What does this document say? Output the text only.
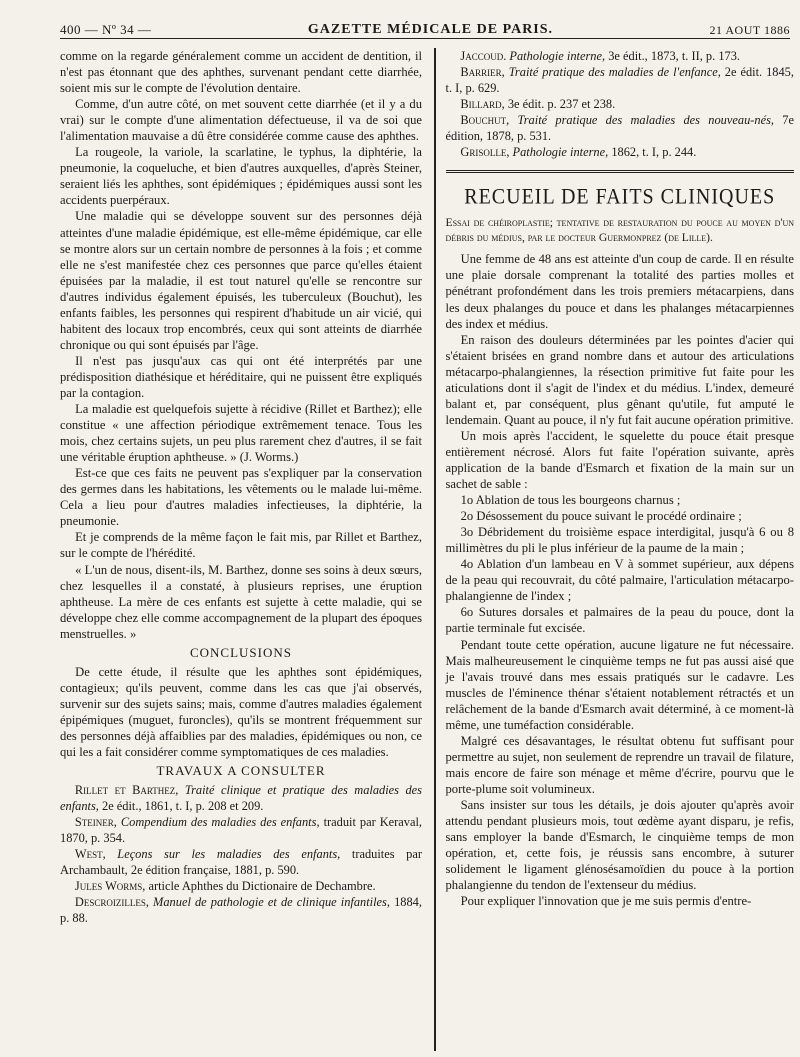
400 — Nº 34 —	GAZETTE MÉDICALE DE PARIS.	21 AOUT 1886

comme on la regarde généralement comme un accident de dentition, il n'est pas étonnant que des aphthes, survenant pendant cette diarrhée, soient mis sur le compte de l'évolution dentaire.

Comme, d'un autre côté, on met souvent cette diarrhée (et il y a du vrai) sur le compte d'une alimentation défectueuse, il va de soi que l'alimentation mauvaise a dû être considérée comme cause des aphthes.

La rougeole, la variole, la scarlatine, le typhus, la diphtérie, la pneumonie, la coqueluche, et bien d'autres auxquelles, d'après Steiner, seraient liés les aphthes, sont épidémiques ; épidémiques aussi sont les accidents puerpéraux.

Une maladie qui se développe souvent sur des personnes déjà atteintes d'une maladie épidémique, est elle-même épidémique, car elle se montre alors sur un certain nombre de personnes à la fois ; et comme elle ne s'est manifestée chez ces personnes que parce qu'elles étaient épuisées par la maladie, il est tout naturel qu'elle se rencontre sur d'autres individus également épuisés, les tuberculeux (Bouchut), les enfants faibles, les personnes qui respirent d'habitude un air vicié, qui habitent des locaux trop encombrés, ceux qui sont atteints de diarrhée chronique ou qui sont épuisés par l'âge.

Il n'est pas jusqu'aux cas qui ont été interprétés par une prédisposition diathésique et héréditaire, qui ne puissent être expliqués par la contagion.

La maladie est quelquefois sujette à récidive (Rillet et Barthez); elle constitue « une affection périodique extrêmement tenace. Tous les mois, chez certains sujets, un peu plus rarement chez d'autres, il se fait une véritable éruption aphtheuse. » (J. Worms.)

Est-ce que ces faits ne peuvent pas s'expliquer par la conservation des germes dans les habitations, les vêtements ou le malade lui-même. Cela a lieu pour d'autres maladies infectieuses, la diphtérie, la pneumonie.

Et je comprends de la même façon le fait mis, par Rillet et Barthez, sur le compte de l'hérédité.

« L'un de nous, disent-ils, M. Barthez, donne ses soins à deux sœurs, chez lesquelles il a constaté, à plusieurs reprises, une éruption aphtheuse. La mère de ces enfants est sujette à cette maladie, qui se développe chez elle comme accompagnement de la plupart des époques menstruelles. »

CONCLUSIONS

De cette étude, il résulte que les aphthes sont épidémiques, contagieux; qu'ils peuvent, comme dans les cas que j'ai observés, survenir sur des sujets sains; mais, comme d'autres maladies également épipémiques (muguet, furoncles), qu'ils se montrent fréquemment sur des personnes déjà affaiblies par des maladies, épidémiques ou non, ce qui les a fait considérer comme symptomatiques de ces maladies.

TRAVAUX A CONSULTER

Rillet et Barthez, Traité clinique et pratique des maladies des enfants, 2e édit., 1861, t. I, p. 208 et 209.

Steiner, Compendium des maladies des enfants, traduit par Keraval, 1870, p. 354.

West, Leçons sur les maladies des enfants, traduites par Archambault, 2e édition française, 1881, p. 590.

Jules Worms, article Aphthes du Dictionaire de Dechambre.

Descroizilles, Manuel de pathologie et de clinique infantiles, 1884, p. 88.

Jaccoud. Pathologie interne, 3e édit., 1873, t. II, p. 173.

Barrier, Traité pratique des maladies de l'enfance, 2e édit. 1845, t. I, p. 629.

Billard, 3e édit. p. 237 et 238.

Bouchut, Traité pratique des maladies des nouveau-nés, 7e édition, 1878, p. 531.

Grisolle, Pathologie interne, 1862, t. I, p. 244.

RECUEIL DE FAITS CLINIQUES
Essai de chéiroplastie; tentative de restauration du pouce au moyen d'un débris du médius, par le docteur Guermonprez (de Lille).

Une femme de 48 ans est atteinte d'un coup de carde. Il en résulte une plaie dorsale comprenant la totalité des parties molles et pénétrant profondément dans les trois premiers métacarpiens, dans les deux phalanges du pouce et dans les phalanges métacarpiennes des index et médius.

En raison des douleurs déterminées par les pointes d'acier qui s'étaient brisées en grand nombre dans et autour des articulations métacarpo-phalangiennes, la résection primitive fut faite pour les aticulations dont il s'agit de l'index et du médius. L'index, demeuré balant et, par conséquent, plus gênant qu'utile, fut amputé le lendemain. Quant au pouce, il n'y fut fait aucune opération primitive.

Un mois après l'accident, le squelette du pouce était presque entièrement nécrosé. Alors fut faite l'opération suivante, après application de la bande d'Esmarch et fixation de la main sur un sachet de sable :

1o Ablation de tous les bourgeons charnus ;
2o Désossement du pouce suivant le procédé ordinaire ;
3o Débridement du troisième espace interdigital, jusqu'à 6 ou 8 millimètres du pli le plus inférieur de la paume de la main ;
4o Ablation d'un lambeau en V à sommet supérieur, aux dépens de la peau qui recouvrait, du côté palmaire, l'articulation métacarpo-phalangienne de l'index ;
6o Sutures dorsales et palmaires de la peau du pouce, dont la partie terminale fut excisée.

Pendant toute cette opération, aucune ligature ne fut nécessaire. Mais malheureusement le cinquième temps ne fut pas aussi aisé que je l'avais trouvé dans mes essais pratiqués sur le cadavre. Les muscles de l'éminence thénar s'étaient notablement rétractés et un relâchement de la bande d'Esmarch avait déterminé, à ce moment-là même, une tuméfaction considérable.

Malgré ces désavantages, le résultat obtenu fut suffisant pour permettre au sujet, non seulement de reprendre un travail de filature, mais encore de faire son ménage et même d'écrire, pourvu que le porte-plume soit volumineux.

Sans insister sur tous les détails, je dois ajouter qu'après avoir attendu pendant plusieurs mois, tout œdème ayant disparu, je refis, sans employer la bande d'Esmarch, le cinquième temps de mon opération, et, cette fois, je réussis sans encombre, à suturer solidement le ligament glénosésamoïdien du pouce à la portion phalangienne du tendon de l'extenseur du médius.

Pour expliquer l'innovation que je me suis permis d'entre-
